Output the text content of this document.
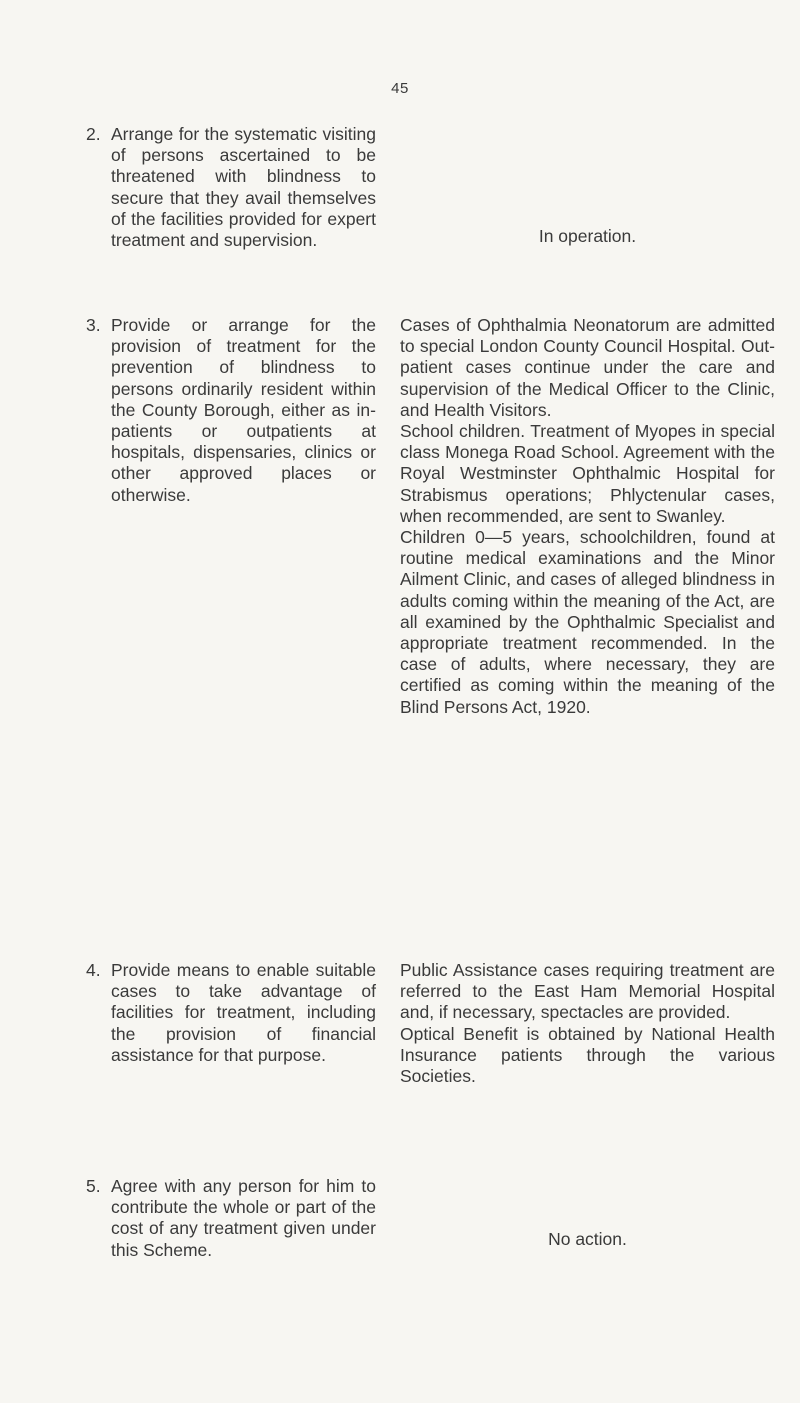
45
2. Arrange for the systematic visiting of persons ascertained to be threatened with blindness to secure that they avail themselves of the facilities provided for expert treatment and supervision.	In operation.

3. Provide or arrange for the provision of treatment for the prevention of blindness to persons ordinarily resident within the County Borough, either as in-patients or outpatients at hospitals, dispensaries, clinics or other approved places or otherwise.

Cases of Ophthalmia Neonatorum are admitted to special London County Council Hospital. Out-patient cases continue under the care and supervision of the Medical Officer to the Clinic, and Health Visitors.

School children. Treatment of Myopes in special class Monega Road School. Agreement with the Royal Westminster Ophthalmic Hospital for Strabismus operations; Phlyctenular cases, when recommended, are sent to Swanley.

Children 0—5 years, schoolchildren, found at routine medical examinations and the Minor Ailment Clinic, and cases of alleged blindness in adults coming within the meaning of the Act, are all examined by the Ophthalmic Specialist and appropriate treatment recommended. In the case of adults, where necessary, they are certified as coming within the meaning of the Blind Persons Act, 1920.

4. Provide means to enable suitable cases to take advantage of facilities for treatment, including the provision of financial assistance for that purpose.

Public Assistance cases requiring treatment are referred to the East Ham Memorial Hospital and, if necessary, spectacles are provided.

Optical Benefit is obtained by National Health Insurance patients through the various Societies.

5. Agree with any person for him to contribute the whole or part of the cost of any treatment given under this Scheme.

No action.
